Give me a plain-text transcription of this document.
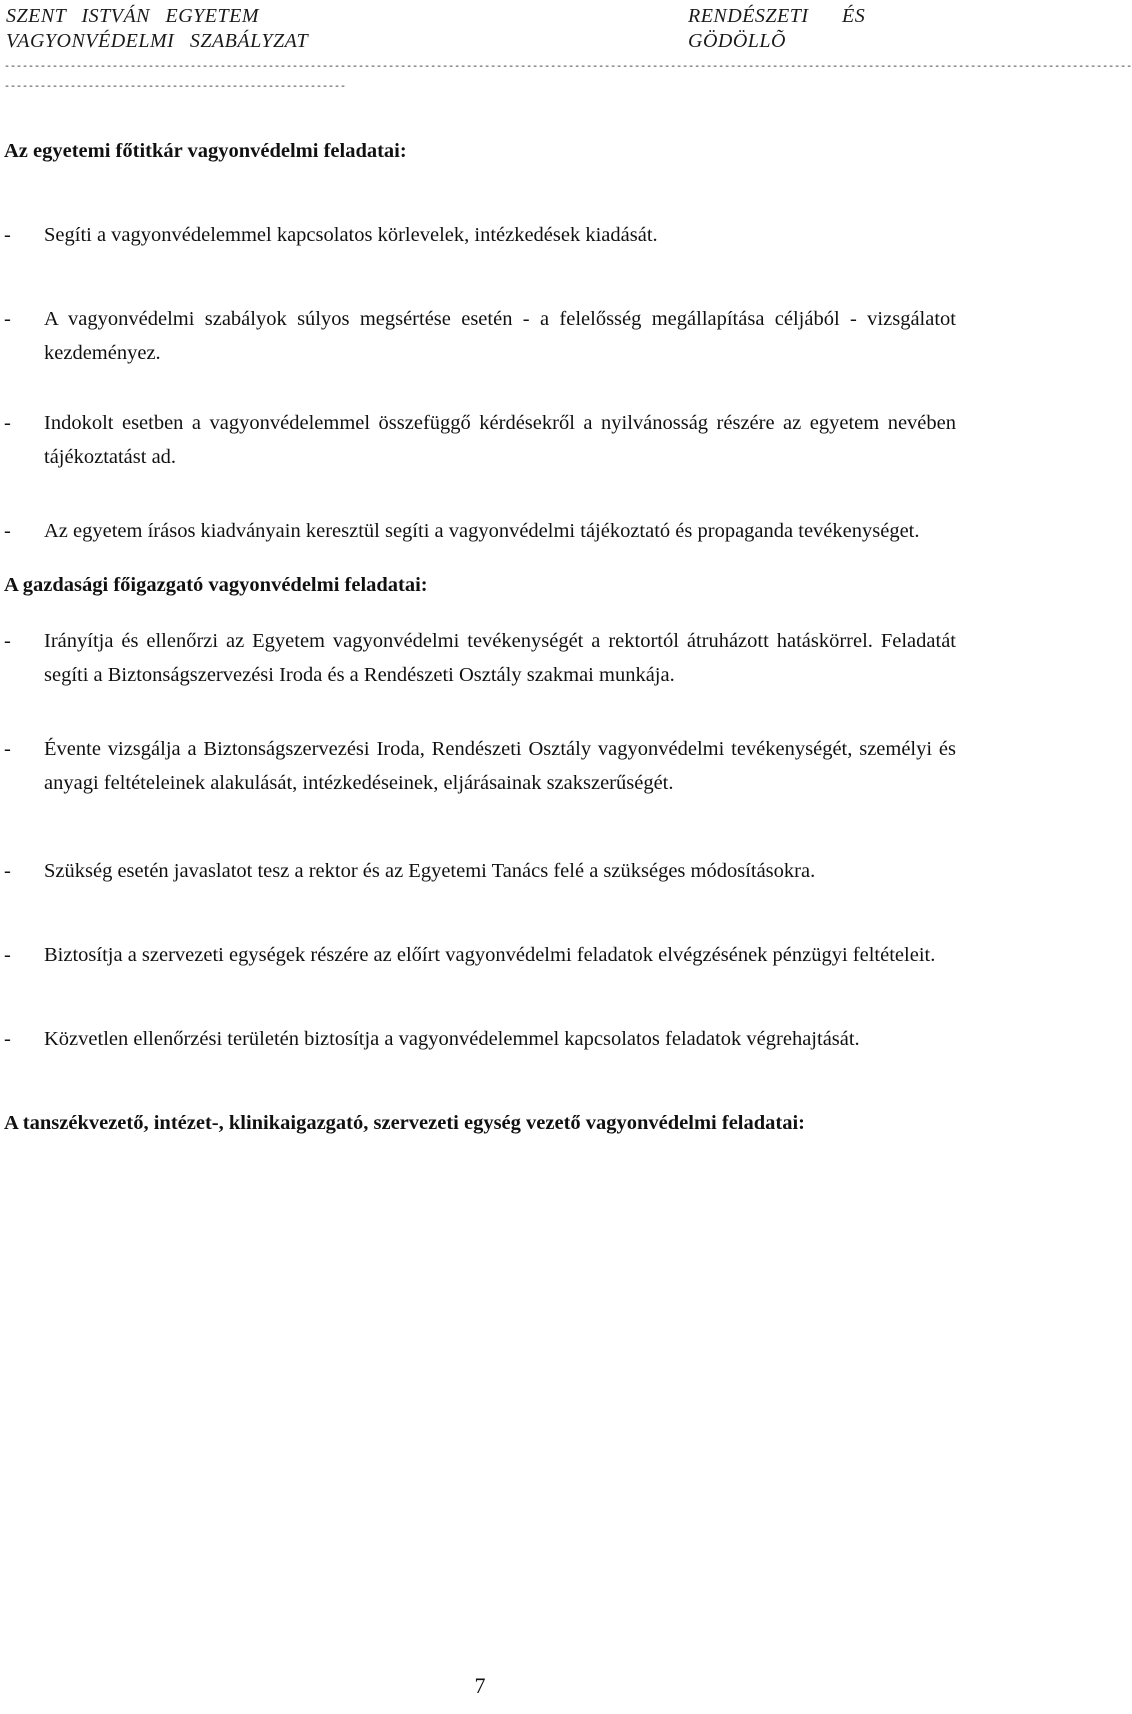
SZENT ISTVÁN EGYETEM	RENDÉSZETI ÉS
VAGYONVÉDELMI SZABÁLYZAT	GÖDÖLLÕ
--------------------------------------------------------------------------------------------------------------------------------------------------------------------------------------------
---------------------------------------------------------

Az egyetemi főtitkár vagyonvédelmi feladatai:

- Segíti a vagyonvédelemmel kapcsolatos körlevelek, intézkedések kiadását.

- A vagyonvédelmi szabályok súlyos megsértése esetén - a felelősség megállapítása céljából - vizsgálatot kezdeményez.

- Indokolt esetben a vagyonvédelemmel összefüggő kérdésekről a nyilvánosság részére az egyetem nevében tájékoztatást ad.

- Az egyetem írásos kiadványain keresztül segíti a vagyonvédelmi tájékoztató és propaganda tevékenységet.

A gazdasági főigazgató vagyonvédelmi feladatai:

- Irányítja és ellenőrzi az Egyetem vagyonvédelmi tevékenységét a rektortól átruházott hatáskörrel. Feladatát segíti a Biztonságszervezési Iroda és a Rendészeti Osztály szakmai munkája.

- Évente vizsgálja a Biztonságszervezési Iroda, Rendészeti Osztály vagyonvédelmi tevékenységét, személyi és anyagi feltételeinek alakulását, intézkedéseinek, eljárásainak szakszerűségét.

- Szükség esetén javaslatot tesz a rektor és az Egyetemi Tanács felé a szükséges módosításokra.

- Biztosítja a szervezeti egységek részére az előírt vagyonvédelmi feladatok elvégzésének pénzügyi feltételeit.

- Közvetlen ellenőrzési területén biztosítja a vagyonvédelemmel kapcsolatos feladatok végrehajtását.

A tanszékvezető, intézet-, klinikaigazgató, szervezeti egység vezető vagyonvédelmi feladatai:

7
